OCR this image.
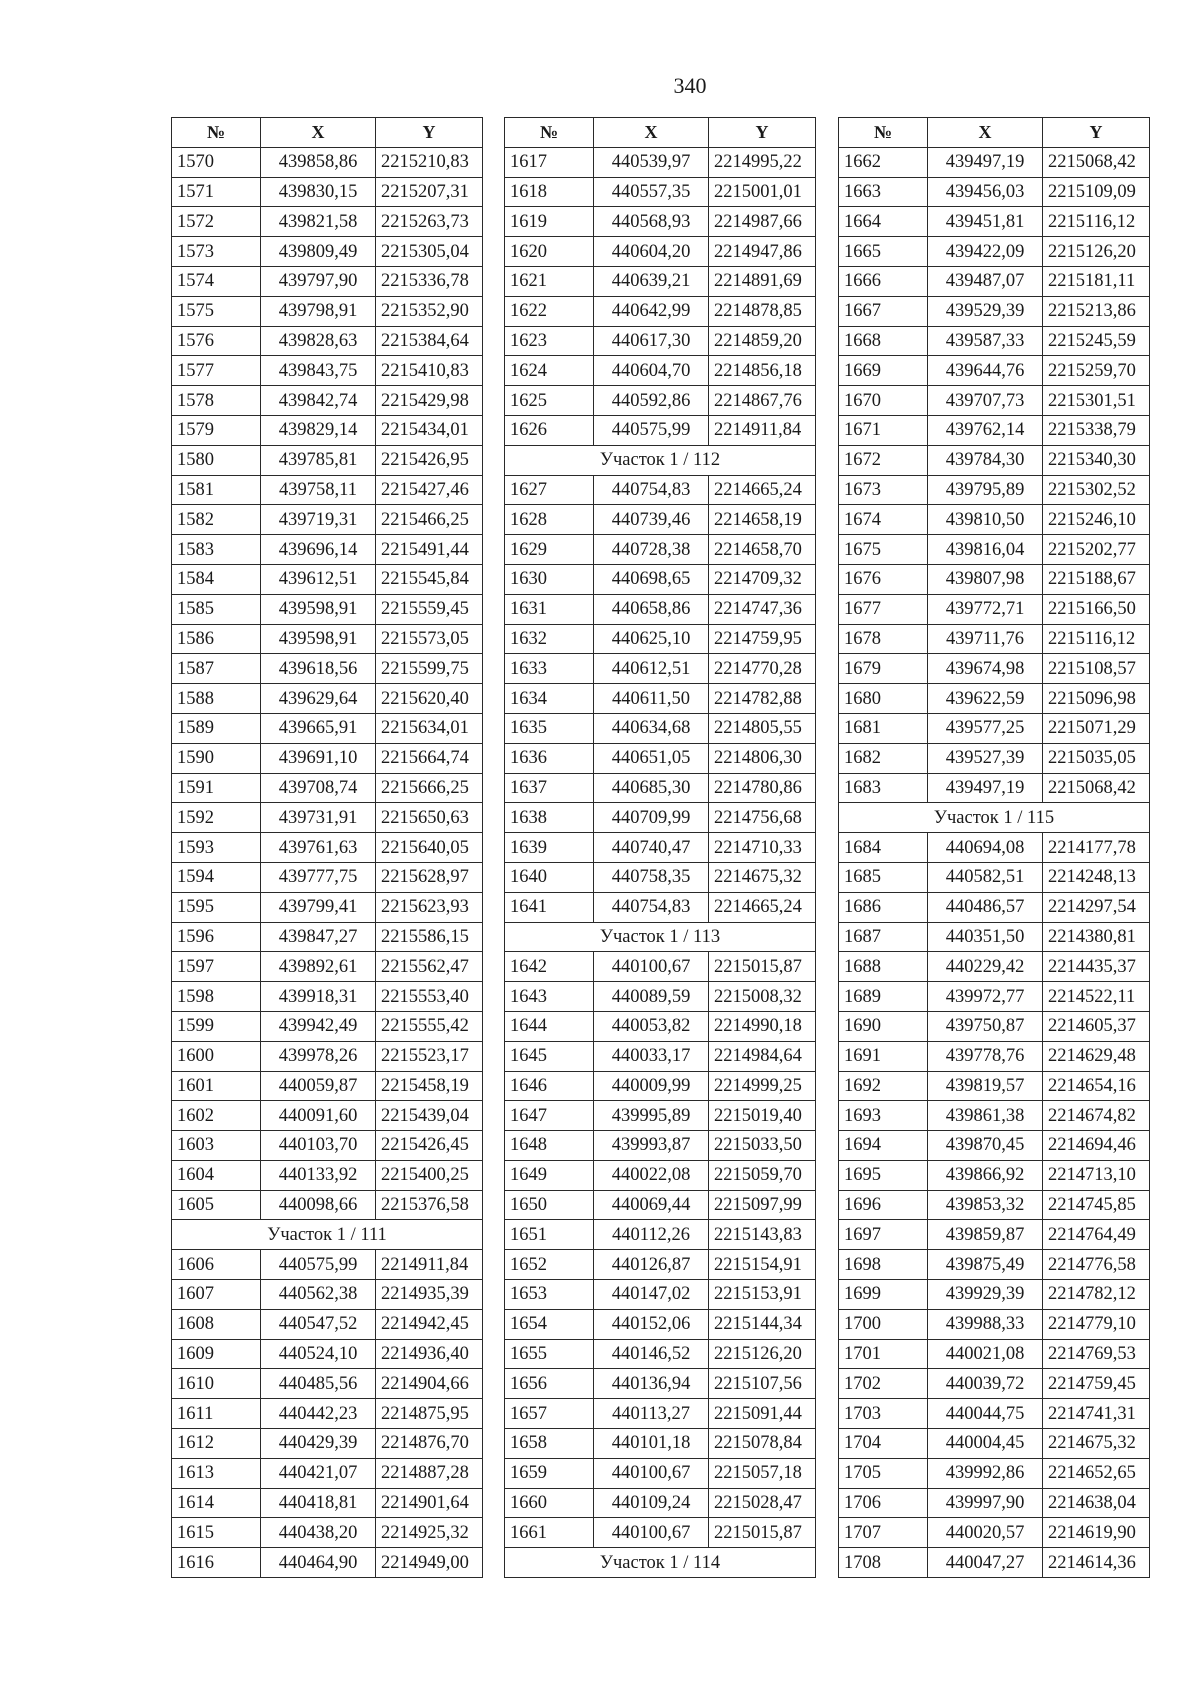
340
№	X	Y
1570	439858,86	2215210,83
1571	439830,15	2215207,31
1572	439821,58	2215263,73
1573	439809,49	2215305,04
1574	439797,90	2215336,78
1575	439798,91	2215352,90
1576	439828,63	2215384,64
1577	439843,75	2215410,83
1578	439842,74	2215429,98
1579	439829,14	2215434,01
1580	439785,81	2215426,95
1581	439758,11	2215427,46
1582	439719,31	2215466,25
1583	439696,14	2215491,44
1584	439612,51	2215545,84
1585	439598,91	2215559,45
1586	439598,91	2215573,05
1587	439618,56	2215599,75
1588	439629,64	2215620,40
1589	439665,91	2215634,01
1590	439691,10	2215664,74
1591	439708,74	2215666,25
1592	439731,91	2215650,63
1593	439761,63	2215640,05
1594	439777,75	2215628,97
1595	439799,41	2215623,93
1596	439847,27	2215586,15
1597	439892,61	2215562,47
1598	439918,31	2215553,40
1599	439942,49	2215555,42
1600	439978,26	2215523,17
1601	440059,87	2215458,19
1602	440091,60	2215439,04
1603	440103,70	2215426,45
1604	440133,92	2215400,25
1605	440098,66	2215376,58
Участок 1 / 111		
1606	440575,99	2214911,84
1607	440562,38	2214935,39
1608	440547,52	2214942,45
1609	440524,10	2214936,40
1610	440485,56	2214904,66
1611	440442,23	2214875,95
1612	440429,39	2214876,70
1613	440421,07	2214887,28
1614	440418,81	2214901,64
1615	440438,20	2214925,32
1616	440464,90	2214949,00
№	X	Y
1617	440539,97	2214995,22
1618	440557,35	2215001,01
1619	440568,93	2214987,66
1620	440604,20	2214947,86
1621	440639,21	2214891,69
1622	440642,99	2214878,85
1623	440617,30	2214859,20
1624	440604,70	2214856,18
1625	440592,86	2214867,76
1626	440575,99	2214911,84
Участок 1 / 112		
1627	440754,83	2214665,24
1628	440739,46	2214658,19
1629	440728,38	2214658,70
1630	440698,65	2214709,32
1631	440658,86	2214747,36
1632	440625,10	2214759,95
1633	440612,51	2214770,28
1634	440611,50	2214782,88
1635	440634,68	2214805,55
1636	440651,05	2214806,30
1637	440685,30	2214780,86
1638	440709,99	2214756,68
1639	440740,47	2214710,33
1640	440758,35	2214675,32
1641	440754,83	2214665,24
Участок 1 / 113		
1642	440100,67	2215015,87
1643	440089,59	2215008,32
1644	440053,82	2214990,18
1645	440033,17	2214984,64
1646	440009,99	2214999,25
1647	439995,89	2215019,40
1648	439993,87	2215033,50
1649	440022,08	2215059,70
1650	440069,44	2215097,99
1651	440112,26	2215143,83
1652	440126,87	2215154,91
1653	440147,02	2215153,91
1654	440152,06	2215144,34
1655	440146,52	2215126,20
1656	440136,94	2215107,56
1657	440113,27	2215091,44
1658	440101,18	2215078,84
1659	440100,67	2215057,18
1660	440109,24	2215028,47
1661	440100,67	2215015,87
Участок 1 / 114		
№	X	Y
1662	439497,19	2215068,42
1663	439456,03	2215109,09
1664	439451,81	2215116,12
1665	439422,09	2215126,20
1666	439487,07	2215181,11
1667	439529,39	2215213,86
1668	439587,33	2215245,59
1669	439644,76	2215259,70
1670	439707,73	2215301,51
1671	439762,14	2215338,79
1672	439784,30	2215340,30
1673	439795,89	2215302,52
1674	439810,50	2215246,10
1675	439816,04	2215202,77
1676	439807,98	2215188,67
1677	439772,71	2215166,50
1678	439711,76	2215116,12
1679	439674,98	2215108,57
1680	439622,59	2215096,98
1681	439577,25	2215071,29
1682	439527,39	2215035,05
1683	439497,19	2215068,42
Участок 1 / 115		
1684	440694,08	2214177,78
1685	440582,51	2214248,13
1686	440486,57	2214297,54
1687	440351,50	2214380,81
1688	440229,42	2214435,37
1689	439972,77	2214522,11
1690	439750,87	2214605,37
1691	439778,76	2214629,48
1692	439819,57	2214654,16
1693	439861,38	2214674,82
1694	439870,45	2214694,46
1695	439866,92	2214713,10
1696	439853,32	2214745,85
1697	439859,87	2214764,49
1698	439875,49	2214776,58
1699	439929,39	2214782,12
1700	439988,33	2214779,10
1701	440021,08	2214769,53
1702	440039,72	2214759,45
1703	440044,75	2214741,31
1704	440004,45	2214675,32
1705	439992,86	2214652,65
1706	439997,90	2214638,04
1707	440020,57	2214619,90
1708	440047,27	2214614,36
